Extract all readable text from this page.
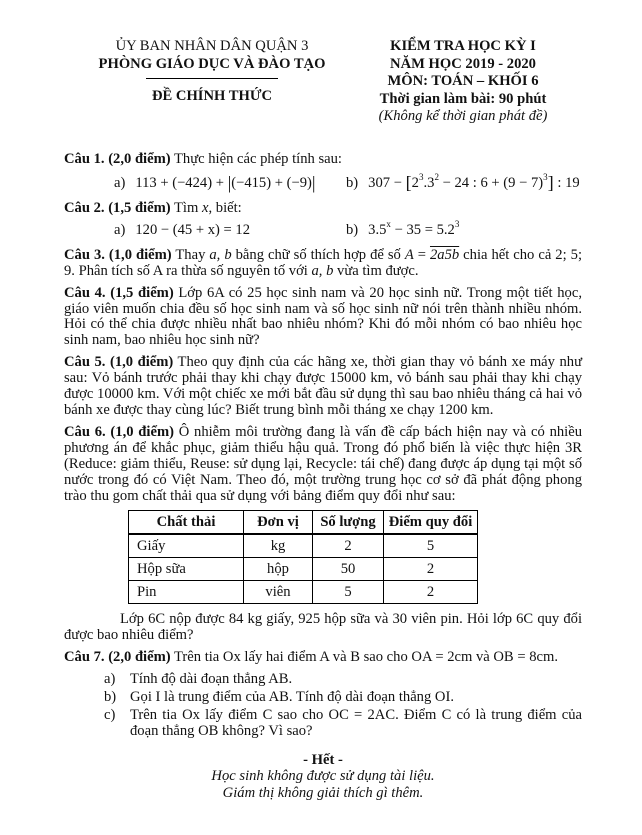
ỦY BAN NHÂN DÂN QUẬN 3
PHÒNG GIÁO DỤC VÀ ĐÀO TẠO
ĐỀ CHÍNH THỨC
KIỂM TRA HỌC KỲ I
NĂM HỌC 2019 - 2020
MÔN: TOÁN – KHỐI 6
Thời gian làm bài: 90 phút
(Không kể thời gian phát đề)

Câu 1. (2,0 điểm) Thực hiện các phép tính sau:

a) 113 + (−424) + |(−415) + (−9)|	b) $307 - [2^3.3^2 - 24$ : $6 + (9 - 7)^3$] : 19

Câu 2. (1,5 điểm) Tìm x, biết:

a) 120 − (45 + x) = 12	b) $3.5^x - 35 = 5.2^3$

Câu 3. (1,0 điểm) Thay a, b bằng chữ số thích hợp để số A = 2a5b chia hết cho cả 2; 5; 9. Phân tích số A ra thừa số nguyên tố với a, b vừa tìm được.

Câu 4. (1,5 điểm) Lớp 6A có 25 học sinh nam và 20 học sinh nữ. Trong một tiết học, giáo viên muốn chia đều số học sinh nam và số học sinh nữ nói trên thành nhiều nhóm. Hỏi có thể chia được nhiều nhất bao nhiêu nhóm? Khi đó mỗi nhóm có bao nhiêu học sinh nam, bao nhiêu học sinh nữ?

Câu 5. (1,0 điểm) Theo quy định của các hãng xe, thời gian thay vỏ bánh xe máy như sau: Vỏ bánh trước phải thay khi chạy được 15000 km, vỏ bánh sau phải thay khi chạy được 10000 km. Với một chiếc xe mới bắt đầu sử dụng thì sau bao nhiêu tháng cả hai vỏ bánh xe được thay cùng lúc? Biết trung bình mỗi tháng xe chạy 1200 km.

Câu 6. (1,0 điểm) Ô nhiễm môi trường đang là vấn đề cấp bách hiện nay và có nhiều phương án để khắc phục, giảm thiểu hậu quả. Trong đó phổ biến là việc thực hiện 3R (Reduce: giảm thiểu, Reuse: sử dụng lại, Recycle: tái chế) đang được áp dụng tại một số nước trong đó có Việt Nam. Theo đó, một trường trung học cơ sở đã phát động phong trào thu gom chất thải qua sử dụng với bảng điểm quy đổi như sau:

Chất thải	Đơn vị	Số lượng	Điểm quy đổi
Giấy	kg	2	5
Hộp sữa	hộp	50	2
Pin	viên	5	2

Lớp 6C nộp được 84 kg giấy, 925 hộp sữa và 30 viên pin. Hỏi lớp 6C quy đổi được bao nhiêu điểm?

Câu 7. (2,0 điểm) Trên tia Ox lấy hai điểm A và B sao cho OA = 2cm và OB = 8cm.

a)	Tính độ dài đoạn thẳng AB.
b) Gọi I là trung điểm của AB. Tính độ dài đoạn thẳng OI.
c)	Trên tia Ox lấy điểm C sao cho OC = 2AC. Điểm C có là trung điểm của đoạn thẳng OB không? Vì sao?
- Hết -
Học sinh không được sử dụng tài liệu.
Giám thị không giải thích gì thêm.
